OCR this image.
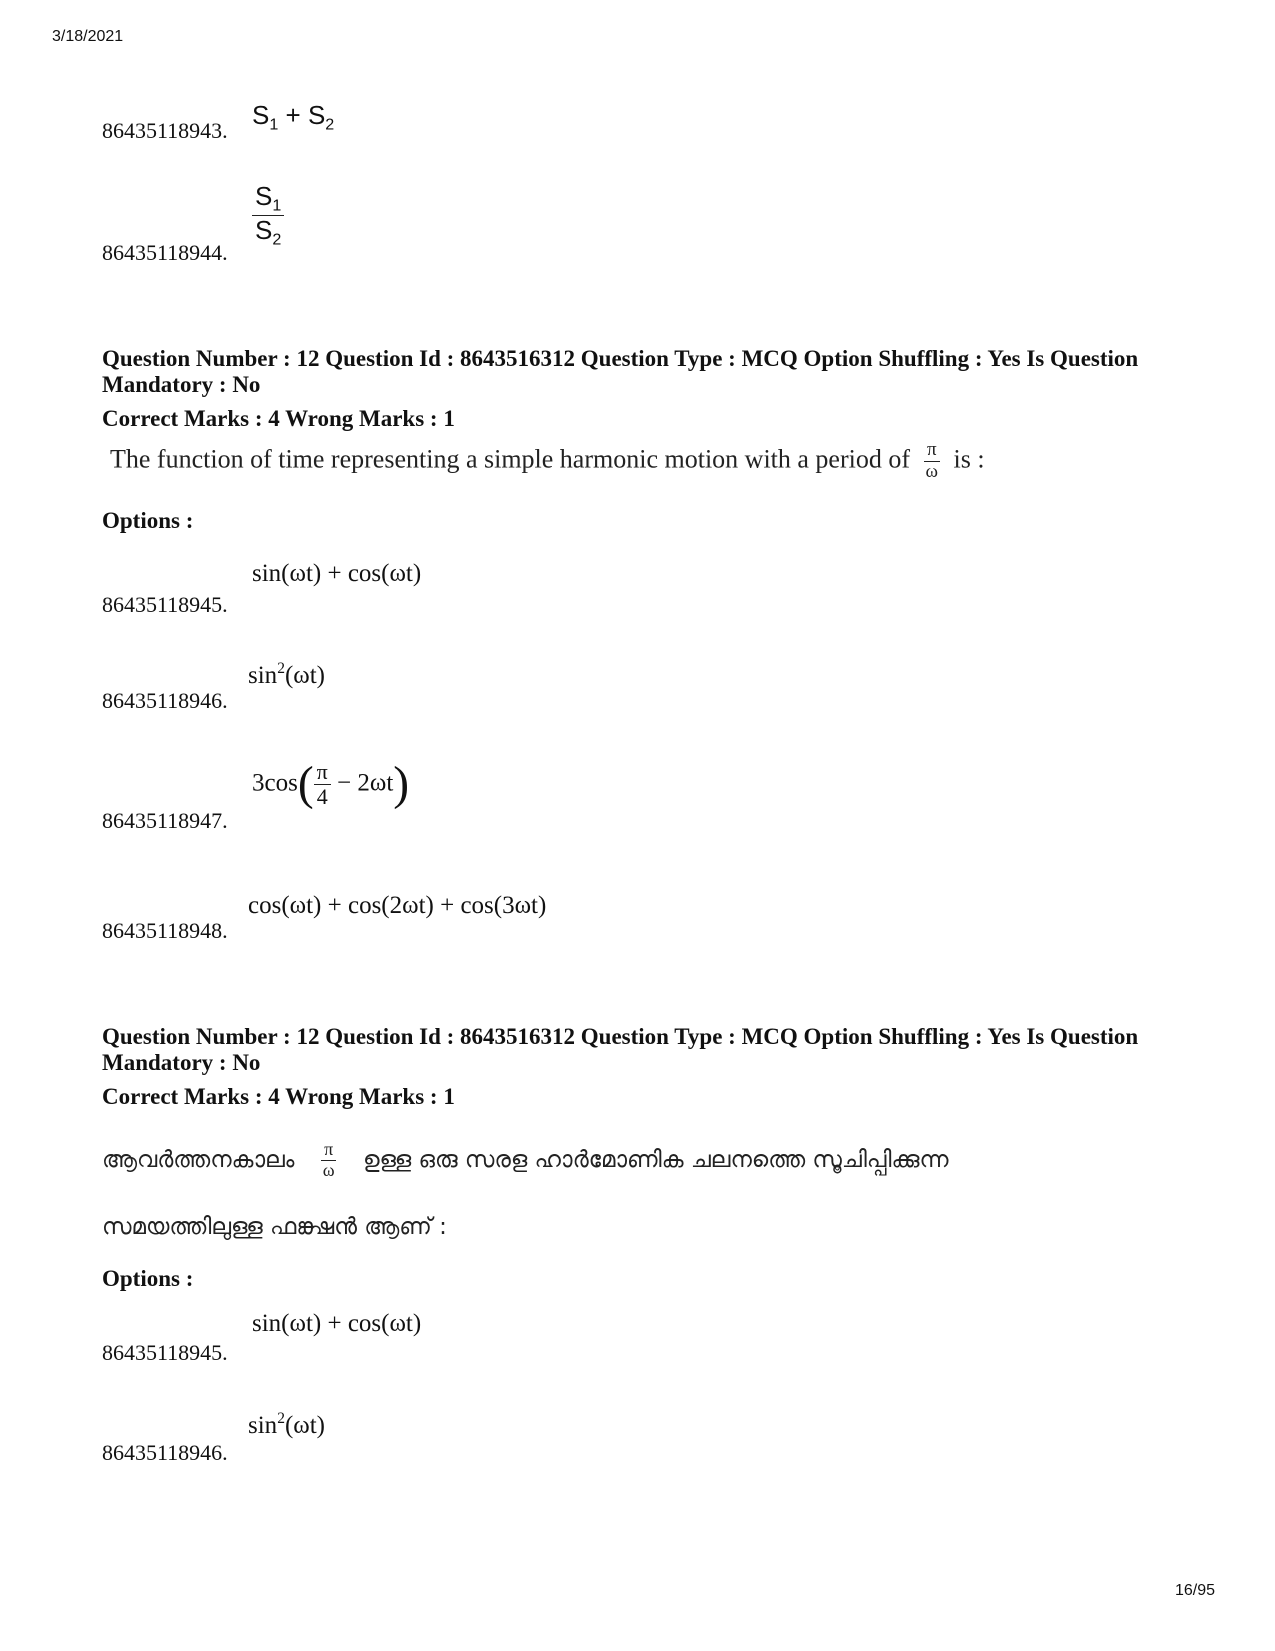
3/18/2021
86435118943.
$S_1 + S_2$
86435118944.
$\frac{S_1}{S_2}$
Question Number : 12 Question Id : 8643516312 Question Type : MCQ Option Shuffling : Yes Is Question Mandatory : No
Correct Marks : 4 Wrong Marks : 1
The function of time representing a simple harmonic motion with a period of $\frac{\pi}{\omega}$ is :
Options :
86435118945.
sin(ωt) + cos(ωt)
86435118946.
$\sin^2(\omega t)$
86435118947.
$3\cos( \frac{\pi}{4} - 2\omega t)$
86435118948.
cos(ωt) + cos(2ωt) + cos(3ωt)
Question Number : 12 Question Id : 8643516312 Question Type : MCQ Option Shuffling : Yes Is Question Mandatory : No
Correct Marks : 4 Wrong Marks : 1
ആവർത്തനകാലം $\frac{\pi}{\omega}$ ഉള്ള ഒരു സരള ഹാർമോണിക ചലനത്തെ സൂചിപ്പിക്കുന്ന
സമയത്തിലുള്ള ഫങ്ക്ഷൻ ആണ് :
Options :
86435118945.
sin(ωt) + cos(ωt)
86435118946.
$\sin^2(\omega t)$
16/95
